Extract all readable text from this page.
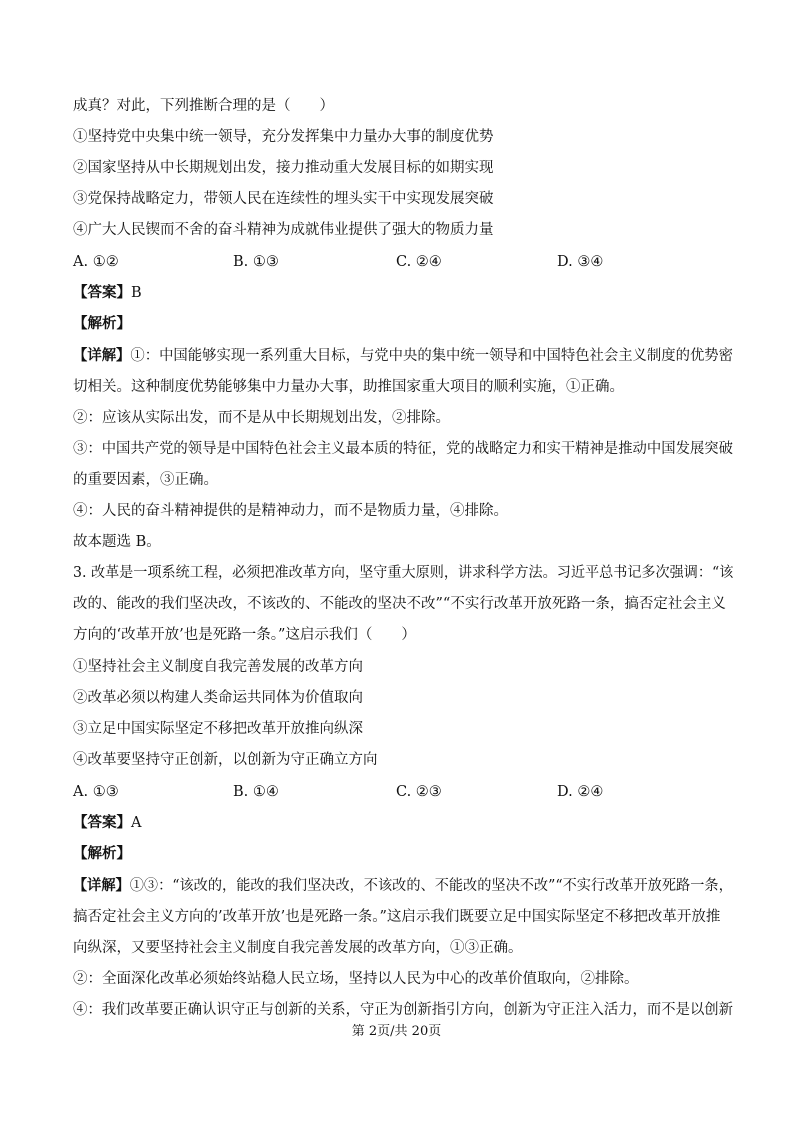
成真？对此，下列推断合理的是（　　）
①坚持党中央集中统一领导，充分发挥集中力量办大事的制度优势
②国家坚持从中长期规划出发，接力推动重大发展目标的如期实现
③党保持战略定力，带领人民在连续性的埋头实干中实现发展突破
④广大人民锲而不舍的奋斗精神为成就伟业提供了强大的物质力量
A. ①②	B. ①③	C. ②④	D. ③④
【答案】B
【解析】
【详解】①：中国能够实现一系列重大目标，与党中央的集中统一领导和中国特色社会主义制度的优势密
切相关。这种制度优势能够集中力量办大事，助推国家重大项目的顺利实施，①正确。
②：应该从实际出发，而不是从中长期规划出发，②排除。
③：中国共产党的领导是中国特色社会主义最本质的特征，党的战略定力和实干精神是推动中国发展突破
的重要因素，③正确。
④：人民的奋斗精神提供的是精神动力，而不是物质力量，④排除。
故本题选 B。
3. 改革是一项系统工程，必须把准改革方向，坚守重大原则，讲求科学方法。习近平总书记多次强调：“该
改的、能改的我们坚决改，不该改的、不能改的坚决不改”“不实行改革开放死路一条，搞否定社会主义
方向的‘改革开放’也是死路一条。”这启示我们（　　）
①坚持社会主义制度自我完善发展的改革方向
②改革必须以构建人类命运共同体为价值取向
③立足中国实际坚定不移把改革开放推向纵深
④改革要坚持守正创新，以创新为守正确立方向
A. ①③	B. ①④	C. ②③	D. ②④
【答案】A
【解析】
【详解】①③：“该改的，能改的我们坚决改，不该改的、不能改的坚决不改”“不实行改革开放死路一条，
搞否定社会主义方向的’改革开放’也是死路一条。”这启示我们既要立足中国实际坚定不移把改革开放推
向纵深，又要坚持社会主义制度自我完善发展的改革方向，①③正确。
②：全面深化改革必须始终站稳人民立场，坚持以人民为中心的改革价值取向，②排除。
④：我们改革要正确认识守正与创新的关系，守正为创新指引方向，创新为守正注入活力，而不是以创新
第 2页/共 20页
